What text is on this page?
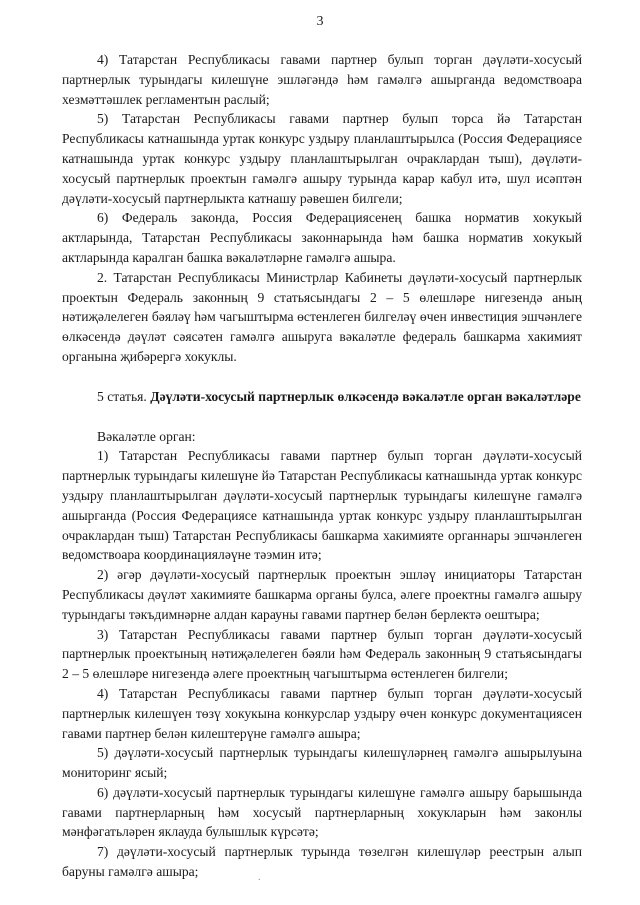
3

4) Татарстан Республикасы гавами партнер булып торган дәүләти-хосусый партнерлык турындагы килешүне эшләгәндә һәм гамәлгә ашырганда ведомствоара хезмәттәшлек регламентын раслый;

5) Татарстан Республикасы гавами партнер булып торса йә Татарстан Республикасы катнашында уртак конкурс уздыру планлаштырылса (Россия Федерациясе катнашында уртак конкурс уздыру планлаштырылган очраклардан тыш), дәүләти-хосусый партнерлык проектын гамәлгә ашыру турында карар кабул итә, шул исәптән дәүләти-хосусый партнерлыкта катнашу рәвешен билгели;

6) Федераль законда, Россия Федерациясенең башка норматив хокукый актларында, Татарстан Республикасы законнарында һәм башка норматив хокукый актларында каралган башка вәкаләтләрне гамәлгә ашыра.

2. Татарстан Республикасы Министрлар Кабинеты дәүләти-хосусый партнерлык проектын Федераль законның 9 статьясындагы 2 – 5 өлешләре нигезендә аның нәтиҗәлелеген бәяләү һәм чагыштырма өстенлеген билгеләү өчен инвестиция эшчәнлеге өлкәсендә дәүләт сәясәтен гамәлгә ашыруга вәкаләтле федераль башкарма хакимият органына җибәрергә хокуклы.

5 статья. Дәүләти-хосусый партнерлык өлкәсендә вәкаләтле орган вәкаләтләре

Вәкаләтле орган:

1) Татарстан Республикасы гавами партнер булып торган дәүләти-хосусый партнерлык турындагы килешүне йә Татарстан Республикасы катнашында уртак конкурс уздыру планлаштырылган дәүләти-хосусый партнерлык турындагы килешүне гамәлгә ашырганда (Россия Федерациясе катнашында уртак конкурс уздыру планлаштырылган очраклардан тыш) Татарстан Республикасы башкарма хакимияте органнары эшчәнлеген ведомствоара координацияләүне тәэмин итә;

2) әгәр дәүләти-хосусый партнерлык проектын эшләү инициаторы Татарстан Республикасы дәүләт хакимияте башкарма органы булса, әлеге проектны гамәлгә ашыру турындагы тәкъдимнәрне алдан карауны гавами партнер белән берлектә оештыра;

3) Татарстан Республикасы гавами партнер булып торган дәүләти-хосусый партнерлык проектының нәтиҗәлелеген бәяли һәм Федераль законның 9 статьясындагы 2 – 5 өлешләре нигезендә әлеге проектның чагыштырма өстенлеген билгели;

4) Татарстан Республикасы гавами партнер булып торган дәүләти-хосусый партнерлык килешүен төзү хокукына конкурслар уздыру өчен конкурс документациясен гавами партнер белән килештерүне гамәлгә ашыра;

5) дәүләти-хосусый партнерлык турындагы килешүләрнең гамәлгә ашырылуына мониторинг ясый;

6) дәүләти-хосусый партнерлык турындагы килешүне гамәлгә ашыру барышында гавами партнерларның һәм хосусый партнерларның хокукларын һәм законлы мәнфәгатьләрен яклауда булышлык күрсәтә;

7) дәүләти-хосусый партнерлык турында төзелгән килешүләр реестрын алып баруны гамәлгә ашыра;	.
